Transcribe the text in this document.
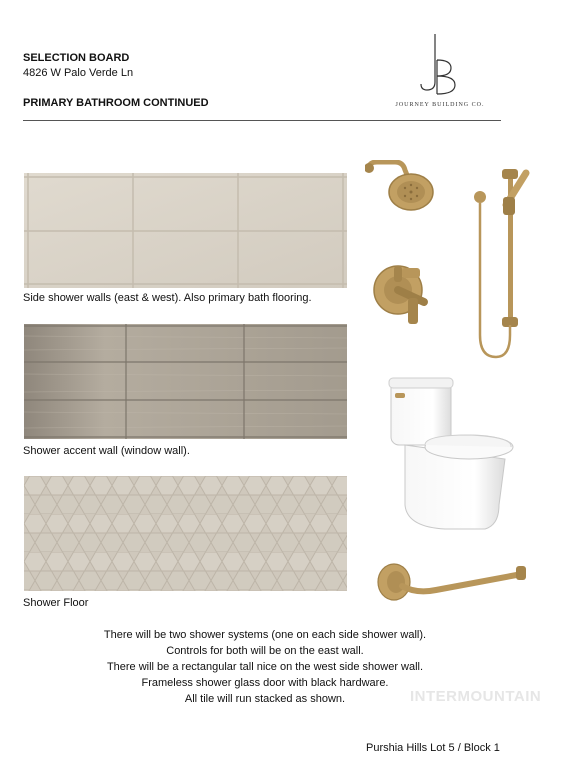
SELECTION BOARD
4826 W Palo Verde Ln
PRIMARY BATHROOM CONTINUED	JOURNEY BUILDING CO.
Side shower walls (east & west). Also primary bath flooring.
Shower accent wall (window wall).
Shower Floor
There will be two shower systems (one on each side shower wall).
Controls for both will be on the east wall.
There will be a rectangular tall nice on the west side shower wall.
Frameless shower glass door with black hardware.
All tile will run stacked as shown.	INTERMOUNTAIN
Purshia Hills Lot 5 / Block 1
